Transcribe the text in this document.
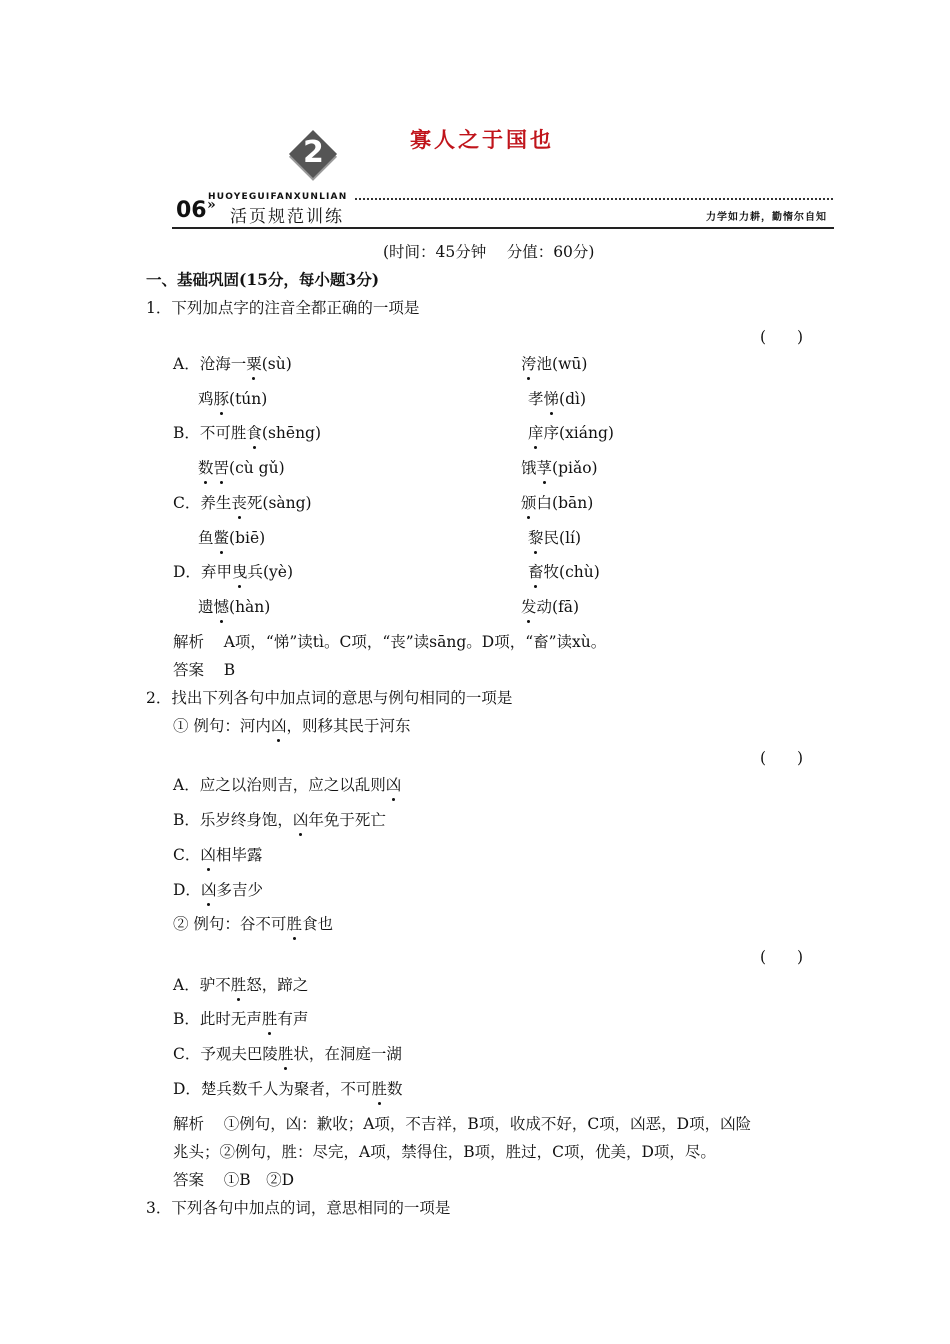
2	寡人之于国也
HUOYEGUIFANXUNLIAN
06 »
活页规范训练	力学如力耕，勤惰尔自知
(时间：45分钟　 分值：60分)
一、基础巩固(15分，每小题3分)
1．下列加点字的注音全都正确的一项是
(　　)
A．沧海一粟(sù)	洿池(wū)
鸡豚(tún)	孝悌(dì)
B．不可胜食(shēng)	庠序(xiáng)
数罟(cù gǔ)	饿莩(piǎo)
C．养生丧死(sàng)	颁白(bān)
鱼鳖(biē)	黎民(lí)
D．弃甲曳兵(yè)	畜牧(chù)
遗憾(hàn)	发动(fā)
解析 A项，“悌”读tì。C项，“丧”读sāng。D项，“畜”读xù。
答案 B
2．找出下列各句中加点词的意思与例句相同的一项是
① 例句：河内凶，则移其民于河东
(　　)
A．应之以治则吉，应之以乱则凶
B．乐岁终身饱，凶年免于死亡
C．凶相毕露
D．凶多吉少
② 例句：谷不可胜食也
(　　)
A．驴不胜怒，蹄之
B．此时无声胜有声
C．予观夫巴陵胜状，在洞庭一湖
D．楚兵数千人为聚者，不可胜数
解析 ①例句，凶：歉收；A项，不吉祥，B项，收成不好，C项，凶恶，D项，凶险
兆头；②例句，胜：尽完，A项，禁得住，B项，胜过，C项，优美，D项，尽。
答案 ①B　②D
3．下列各句中加点的词，意思相同的一项是
